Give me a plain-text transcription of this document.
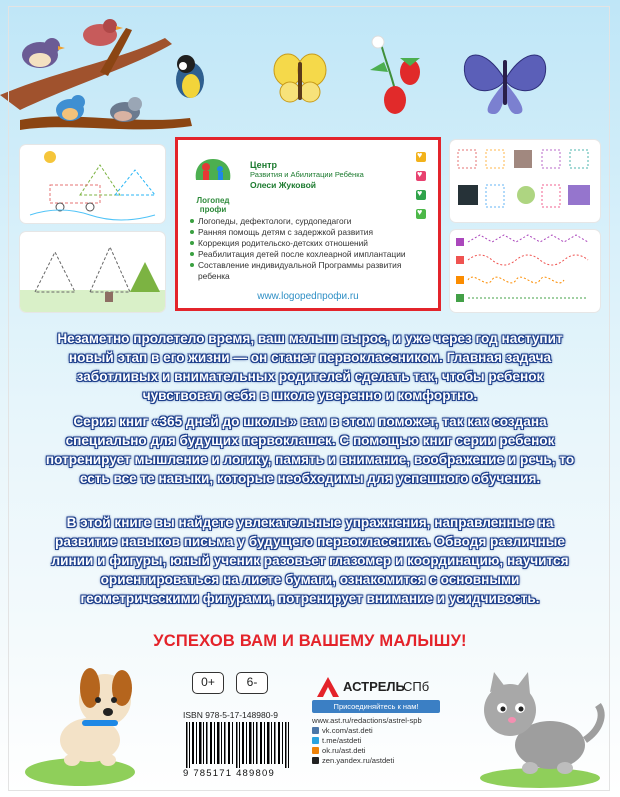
Логопед
профи
Центр
Развития и Абилитации Ребёнка
Олеси Жуковой
♥
♥
♥
♥
Логопеды, дефектологи, сурдопедагоги
Ранняя помощь детям с задержкой развития
Коррекция родительско-детских отношений
Реабилитация детей после кохлеарной имплантации
Составление индивидуальной Программы развития ребенка
www.logopedпрофи.ru
Незаметно пролетело время, ваш малыш вырос, и уже через год наступит новый этап в его жизни — он станет первоклассником. Главная задача заботливых и внимательных родителей сделать так, чтобы ребенок чувствовал себя в школе уверенно и комфортно.
Серия книг «365 дней до школы» вам в этом поможет, так как создана специально для будущих первоклашек. С помощью книг серии ребенок потренирует мышление и логику, память и внимание, воображение и речь, то есть все те навыки, которые необходимы для успешного обучения.
В этой книге вы найдете увлекательные упражнения, направленные на развитие навыков письма у будущего первоклассника. Обводя различные линии и фигуры, юный ученик разовьет глазомер и координацию, научится ориентироваться на листе бумаги, ознакомится с основными геометрическими фигурами, потренирует внимание и усидчивость.
УСПЕХОВ ВАМ И ВАШЕМУ МАЛЫШУ!
0+	6-
ISBN 978-5-17-148980-9
9 785171 489809
АСТРЕЛЬ
СПб
Присоединяйтесь к нам!
www.ast.ru/redactions/astrel-spb
vk.com/ast.deti
t.me/astdeti
ok.ru/ast.deti
zen.yandex.ru/astdeti
